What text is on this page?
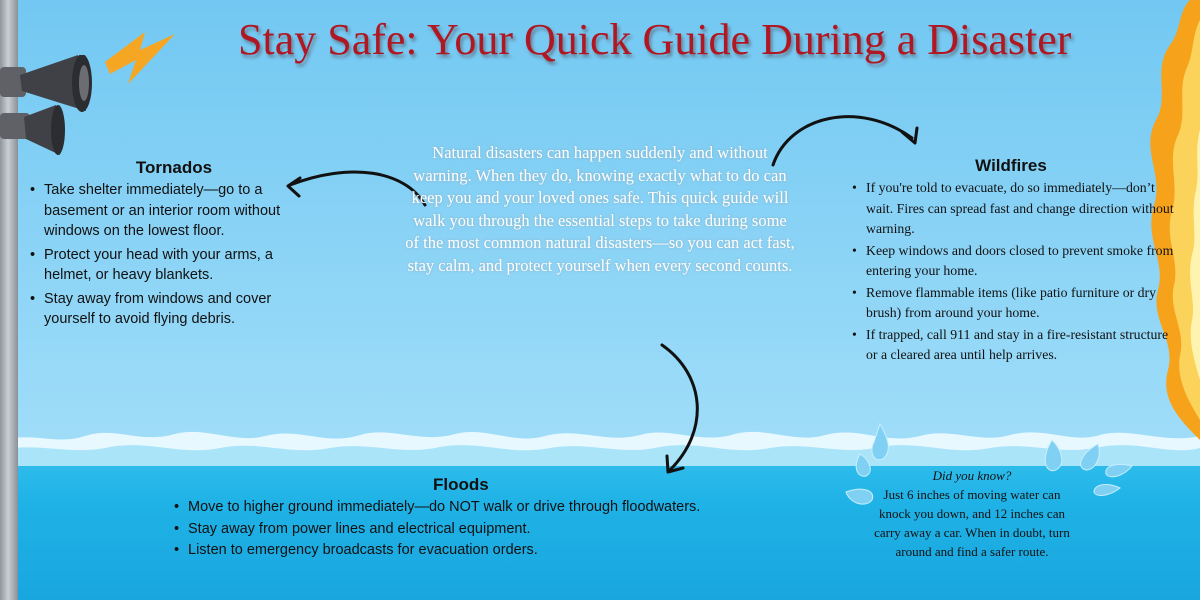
Stay Safe: Your Quick Guide During a Disaster

Natural disasters can happen suddenly and without warning. When they do, knowing exactly what to do can keep you and your loved ones safe. This quick guide will walk you through the essential steps to take during some of the most common natural disasters—so you can act fast, stay calm, and protect yourself when every second counts.

Tornados
• Take shelter immediately—go to a basement or an interior room without windows on the lowest floor.
• Protect your head with your arms, a helmet, or heavy blankets.
• Stay away from windows and cover yourself to avoid flying debris.
Wildfires
• If you're told to evacuate, do so immediately—don’t wait. Fires can spread fast and change direction without warning.
• Keep windows and doors closed to prevent smoke from entering your home.
• Remove flammable items (like patio furniture or dry brush) from around your home.
• If trapped, call 911 and stay in a fire-resistant structure or a cleared area until help arrives.
Floods
• Move to higher ground immediately—do NOT walk or drive through floodwaters.
• Stay away from power lines and electrical equipment.
• Listen to emergency broadcasts for evacuation orders.
Did you know?
Just 6 inches of moving water can knock you down, and 12 inches can carry away a car. When in doubt, turn around and find a safer route.
